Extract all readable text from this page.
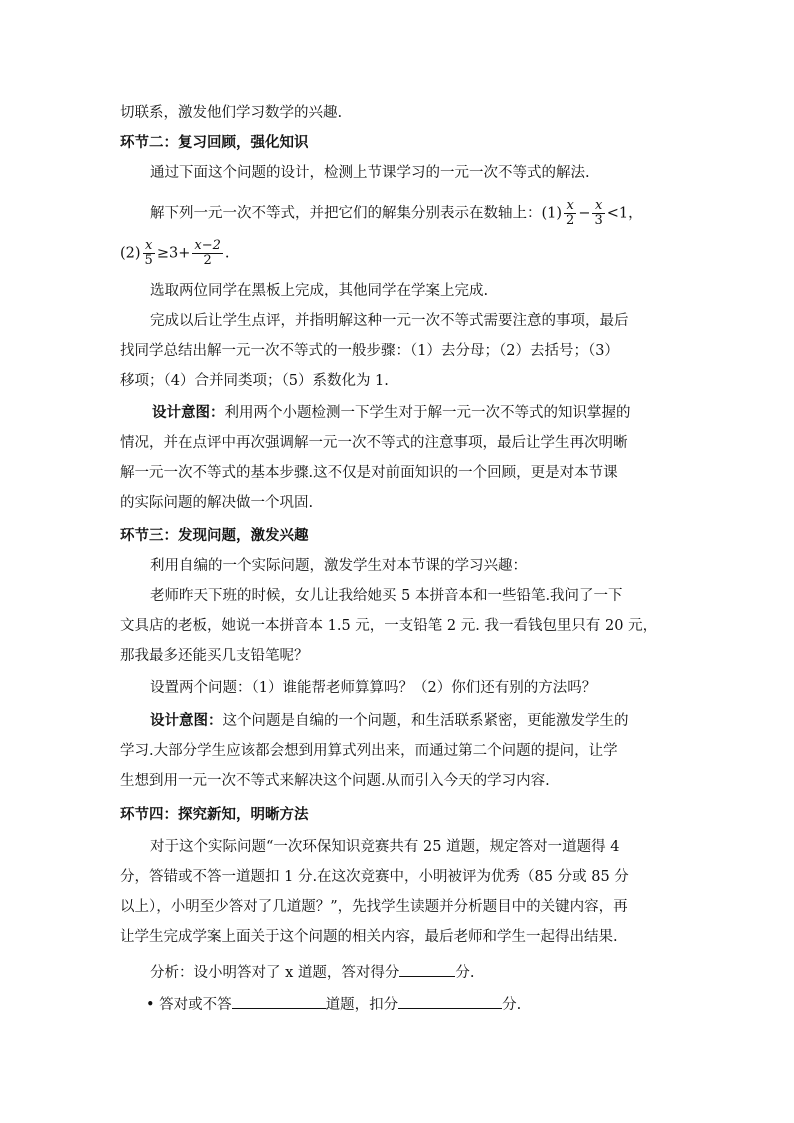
切联系，激发他们学习数学的兴趣.
环节二：复习回顾，强化知识
通过下面这个问题的设计，检测上节课学习的一元一次不等式的解法.
解下列一元一次不等式，并把它们的解集分别表示在数轴上：$(1) \frac{x}{2} - \frac{x}{3} <1$，
$(2) \frac{x}{5} \ge 3+ \frac{x-2}{2}$ .
选取两位同学在黑板上完成，其他同学在学案上完成.
完成以后让学生点评，并指明解这种一元一次不等式需要注意的事项，最后
找同学总结出解一元一次不等式的一般步骤：（1）去分母；（2）去括号；（3）
移项；（4）合并同类项；（5）系数化为 1.
设计意图：利用两个小题检测一下学生对于解一元一次不等式的知识掌握的
情况，并在点评中再次强调解一元一次不等式的注意事项，最后让学生再次明晰
解一元一次不等式的基本步骤.这不仅是对前面知识的一个回顾，更是对本节课
的实际问题的解决做一个巩固.
环节三：发现问题，激发兴趣
利用自编的一个实际问题，激发学生对本节课的学习兴趣：
老师昨天下班的时候，女儿让我给她买 5 本拼音本和一些铅笔.我问了一下
文具店的老板，她说一本拼音本 1.5 元，一支铅笔 2 元. 我一看钱包里只有 20 元，
那我最多还能买几支铅笔呢？
设置两个问题：（1）谁能帮老师算算吗？（2）你们还有别的方法吗？
设计意图：这个问题是自编的一个问题，和生活联系紧密，更能激发学生的
学习.大部分学生应该都会想到用算式列出来，而通过第二个问题的提问，让学
生想到用一元一次不等式来解决这个问题.从而引入今天的学习内容.
环节四：探究新知，明晰方法
对于这个实际问题“一次环保知识竞赛共有 25 道题，规定答对一道题得 4
分，答错或不答一道题扣 1 分.在这次竞赛中，小明被评为优秀（85 分或 85 分
以上），小明至少答对了几道题？”，先找学生读题并分析题目中的关键内容，再
让学生完成学案上面关于这个问题的相关内容，最后老师和学生一起得出结果.
分析：设小明答对了 x 道题，答对得分	分.
• 答对或不答	道题，扣分	分.
